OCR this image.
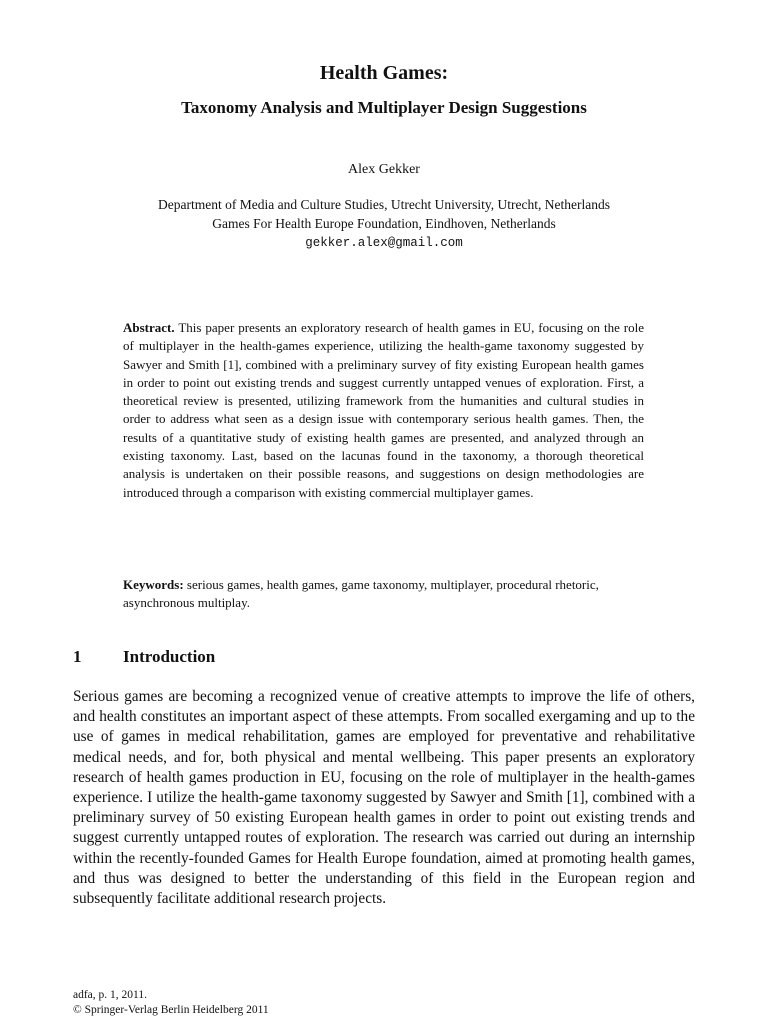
Health Games:
Taxonomy Analysis and Multiplayer Design Suggestions
Alex Gekker
Department of Media and Culture Studies, Utrecht University, Utrecht, Netherlands
Games For Health Europe Foundation, Eindhoven, Netherlands
gekker.alex@gmail.com
Abstract. This paper presents an exploratory research of health games in EU, focusing on the role of multiplayer in the health-games experience, utilizing the health-game taxonomy suggested by Sawyer and Smith [1], combined with a preliminary survey of fity existing European health games in order to point out existing trends and suggest currently untapped venues of exploration. First, a theoretical review is presented, utilizing framework from the humanities and cultural studies in order to address what seen as a design issue with contemporary serious health games. Then, the results of a quantitative study of existing health games are presented, and analyzed through an existing taxonomy. Last, based on the lacunas found in the taxonomy, a thorough theoretical analysis is undertaken on their possible reasons, and suggestions on design methodologies are introduced through a comparison with existing commercial multiplayer games.
Keywords: serious games, health games, game taxonomy, multiplayer, procedural rhetoric, asynchronous multiplay.
1 Introduction
Serious games are becoming a recognized venue of creative attempts to improve the life of others, and health constitutes an important aspect of these attempts. From socalled exergaming and up to the use of games in medical rehabilitation, games are employed for preventative and rehabilitative medical needs, and for, both physical and mental wellbeing. This paper presents an exploratory research of health games production in EU, focusing on the role of multiplayer in the health-games experience. I utilize the health-game taxonomy suggested by Sawyer and Smith [1], combined with a preliminary survey of 50 existing European health games in order to point out existing trends and suggest currently untapped routes of exploration. The research was carried out during an internship within the recently-founded Games for Health Europe foundation, aimed at promoting health games, and thus was designed to better the understanding of this field in the European region and subsequently facilitate additional research projects.
adfa, p. 1, 2011.
© Springer-Verlag Berlin Heidelberg 2011
